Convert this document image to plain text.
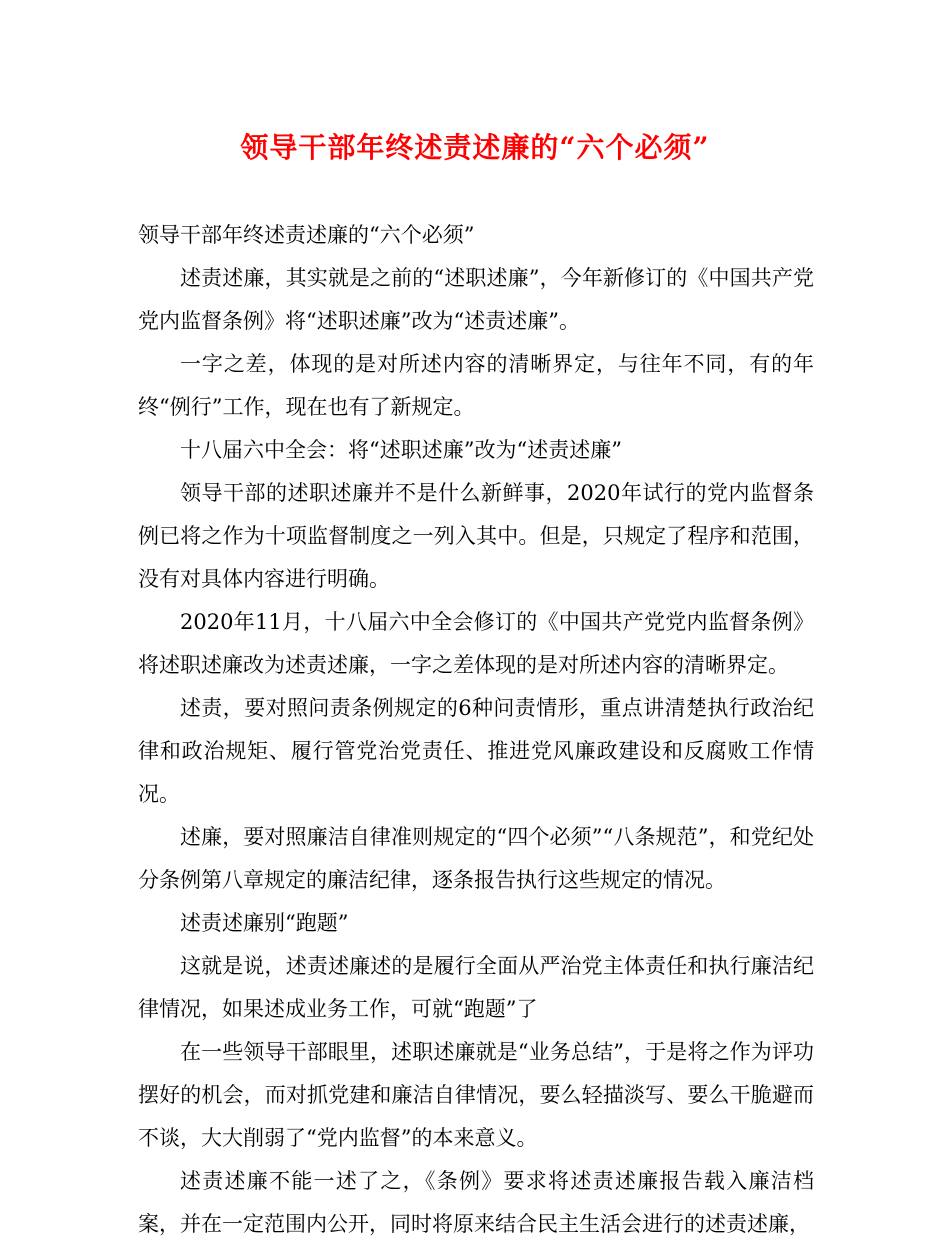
领导干部年终述责述廉的“六个必须”

领导干部年终述责述廉的“六个必须”

述责述廉，其实就是之前的“述职述廉”，今年新修订的《中国共产党党内监督条例》将“述职述廉”改为“述责述廉”。

一字之差，体现的是对所述内容的清晰界定，与往年不同，有的年终“例行”工作，现在也有了新规定。

十八届六中全会：将“述职述廉”改为“述责述廉”

领导干部的述职述廉并不是什么新鲜事，2020年试行的党内监督条例已将之作为十项监督制度之一列入其中。但是，只规定了程序和范围，没有对具体内容进行明确。

2020年11月，十八届六中全会修订的《中国共产党党内监督条例》将述职述廉改为述责述廉，一字之差体现的是对所述内容的清晰界定。

述责，要对照问责条例规定的6种问责情形，重点讲清楚执行政治纪律和政治规矩、履行管党治党责任、推进党风廉政建设和反腐败工作情况。

述廉，要对照廉洁自律准则规定的“四个必须”“八条规范”，和党纪处分条例第八章规定的廉洁纪律，逐条报告执行这些规定的情况。

述责述廉别“跑题”

这就是说，述责述廉述的是履行全面从严治党主体责任和执行廉洁纪律情况，如果述成业务工作，可就“跑题”了

在一些领导干部眼里，述职述廉就是“业务总结”，于是将之作为评功摆好的机会，而对抓党建和廉洁自律情况，要么轻描淡写、要么干脆避而不谈，大大削弱了“党内监督”的本来意义。

述责述廉不能一述了之，《条例》要求将述责述廉报告载入廉洁档案，并在一定范围内公开，同时将原来结合民主生活会进行的述责述廉，
